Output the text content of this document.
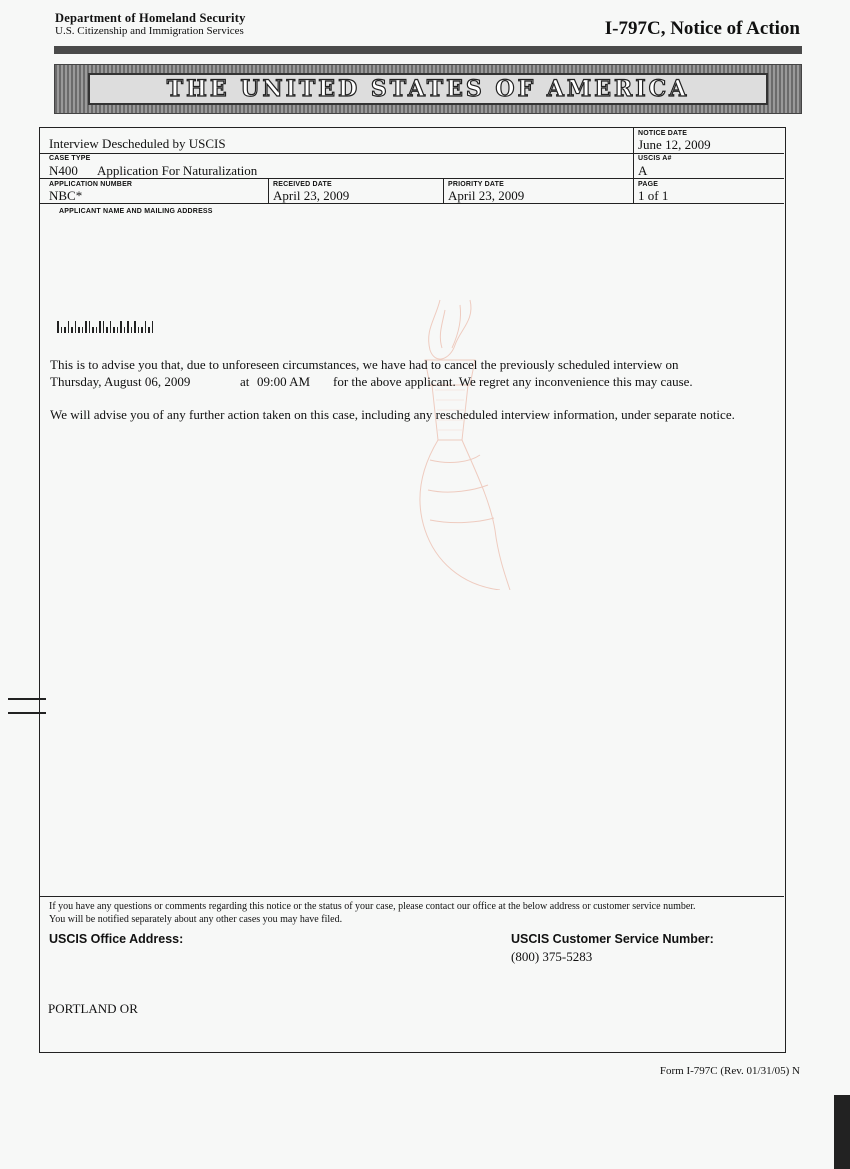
Department of Homeland Security
U.S. Citizenship and Immigration Services	I-797C, Notice of Action
THE UNITED STATES OF AMERICA
Interview Descheduled by USCIS
NOTICE DATE
June 12, 2009
CASE TYPE
N400 Application For Naturalization
USCIS A#
A
APPLICATION NUMBER
NBC*
RECEIVED DATE
April 23, 2009
PRIORITY DATE
April 23, 2009
PAGE
1 of 1
APPLICANT NAME AND MAILING ADDRESS
This is to advise you that, due to unforeseen circumstances, we have had to cancel the previously scheduled interview on
Thursday, August 06, 2009	at 09:00 AM for the above applicant. We regret any inconvenience this may cause.
We will advise you of any further action taken on this case, including any rescheduled interview information, under separate notice.
If you have any questions or comments regarding this notice or the status of your case, please contact our office at the below address or customer service number.
You will be notified separately about any other cases you may have filed.
USCIS Office Address:
PORTLAND OR
USCIS Customer Service Number:
(800) 375-5283
Form I-797C (Rev. 01/31/05) N
